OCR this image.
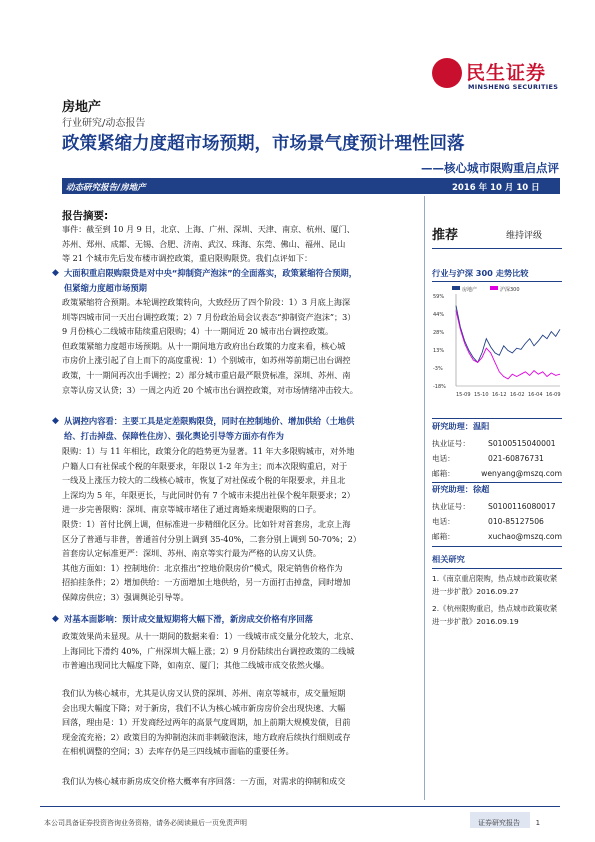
民生证券
MINSHENG SECURITIES
房地产
行业研究/动态报告
政策紧缩力度超市场预期，市场景气度预计理性回落
——核心城市限购重启点评
动态研究报告/房地产	2016 年 10 月 10 日
报告摘要:
事件：截至到 10 月 9 日，北京、上海、广州、深圳、天津、南京、杭州、厦门、
苏州、郑州、成都、无锡、合肥、济南、武汉、珠海、东莞、佛山、福州、昆山
等 21 个城市先后发布楼市调控政策，重启限购限贷。我们点评如下：
◆ 大面积重启限购限贷是对中央“抑制资产泡沫”的全面落实，政策紧缩符合预期，
但紧缩力度超市场预期
政策紧缩符合预期。本轮调控政策转向，大致经历了四个阶段：1）3 月底上海深
圳等四城市同一天出台调控政策；2）7 月份政治局会议表态“抑制资产泡沫”；3）
9 月份核心二线城市陆续重启限购；4）十一期间近 20 城市出台调控政策。
但政策紧缩力度超市场预期。从十一期间地方政府出台政策的力度来看，核心城
市房价上涨引起了自上而下的高度重视：1）个别城市，如苏州等前期已出台调控
政策，十一期间再次出手调控；2）部分城市重启最严限贷标准，深圳、苏州、南
京等认房又认贷；3）一周之内近 20 个城市出台调控政策，对市场情绪冲击较大。
◆ 从调控内容看：主要工具是定差限购限贷，同时在控制地价、增加供给（土地供
给、打击掉盘、保障性住房）、强化舆论引导等方面亦有作为
限购：1）与 11 年相比，政策分化的趋势更为显著。11 年大多限购城市，对外地
户籍人口有社保或个税的年限要求，年限以 1-2 年为主；而本次限购重启，对于
一线及上涨压力较大的二线核心城市，恢复了对社保或个税的年限要求，并且北
上深均为 5 年，年限更长，与此同时仍有 7 个城市未提出社保个税年限要求；2）
进一步完善限购：深圳、南京等城市堵住了通过离婚来规避限购的口子。
限贷：1）首付比例上调，但标准进一步精细化区分。比如针对首套房，北京上海
区分了普通与非普，普通首付分别上调到 35-40%，二套分别上调到 50-70%；2）
首套房认定标准更严：深圳、苏州、南京等实行最为严格的认房又认贷。
其他方面如：1）控制地价：北京推出“控地价限房价”模式，限定销售价格作为
招拍挂条件；2）增加供给：一方面增加土地供给，另一方面打击掉盘，同时增加
保障房供应；3）强调舆论引导等。
◆ 对基本面影响：预计成交量短期将大幅下滑，新房成交价格有序回落
政策效果尚未显现。从十一期间的数据来看：1）一线城市成交量分化较大，北京、
上海同比下滑约 40%，广州深圳大幅上涨；2）9 月份陆续出台调控政策的二线城
市普遍出现同比大幅度下降，如南京、厦门；其他二线城市成交依然火爆。
我们认为核心城市，尤其是认房又认贷的深圳、苏州、南京等城市，成交量短期
会出现大幅度下降；对于新房，我们不认为核心城市新房房价会出现快速、大幅
回落，理由是：1）开发商经过两年的高景气度周期，加上前期大规模发债，目前
现金流充裕；2）政策目的为抑制泡沫而非刺破泡沫，地方政府后续执行细则或存
在相机调整的空间；3）去库存仍是三四线城市面临的重要任务。
我们认为核心城市新房成交价格大概率有序回落：一方面，对需求的抑制和成交
推荐	维持评级
行业与沪深 300 走势比较
房地产	沪深300
59%
44%
28%
13%
-3%
-18%
15-09 15-10 16-12 16-02 16-04 16-09
研究助理：温阳
执业证号：	S0100515040001
电话：	021-60876731
邮箱：	wenyang@mszq.com
研究助理：徐超
执业证号：	S0100116080017
电话：	010-85127506
邮箱：	xuchao@mszq.com
相关研究
1.《南京重启限购，热点城市政策收紧进一步扩散》2016.09.27
2.《杭州限购重启，热点城市政策收紧进一步扩散》2016.09.19
本公司具备证券投资咨询业务资格，请务必阅读最后一页免责声明	证券研究报告 1
